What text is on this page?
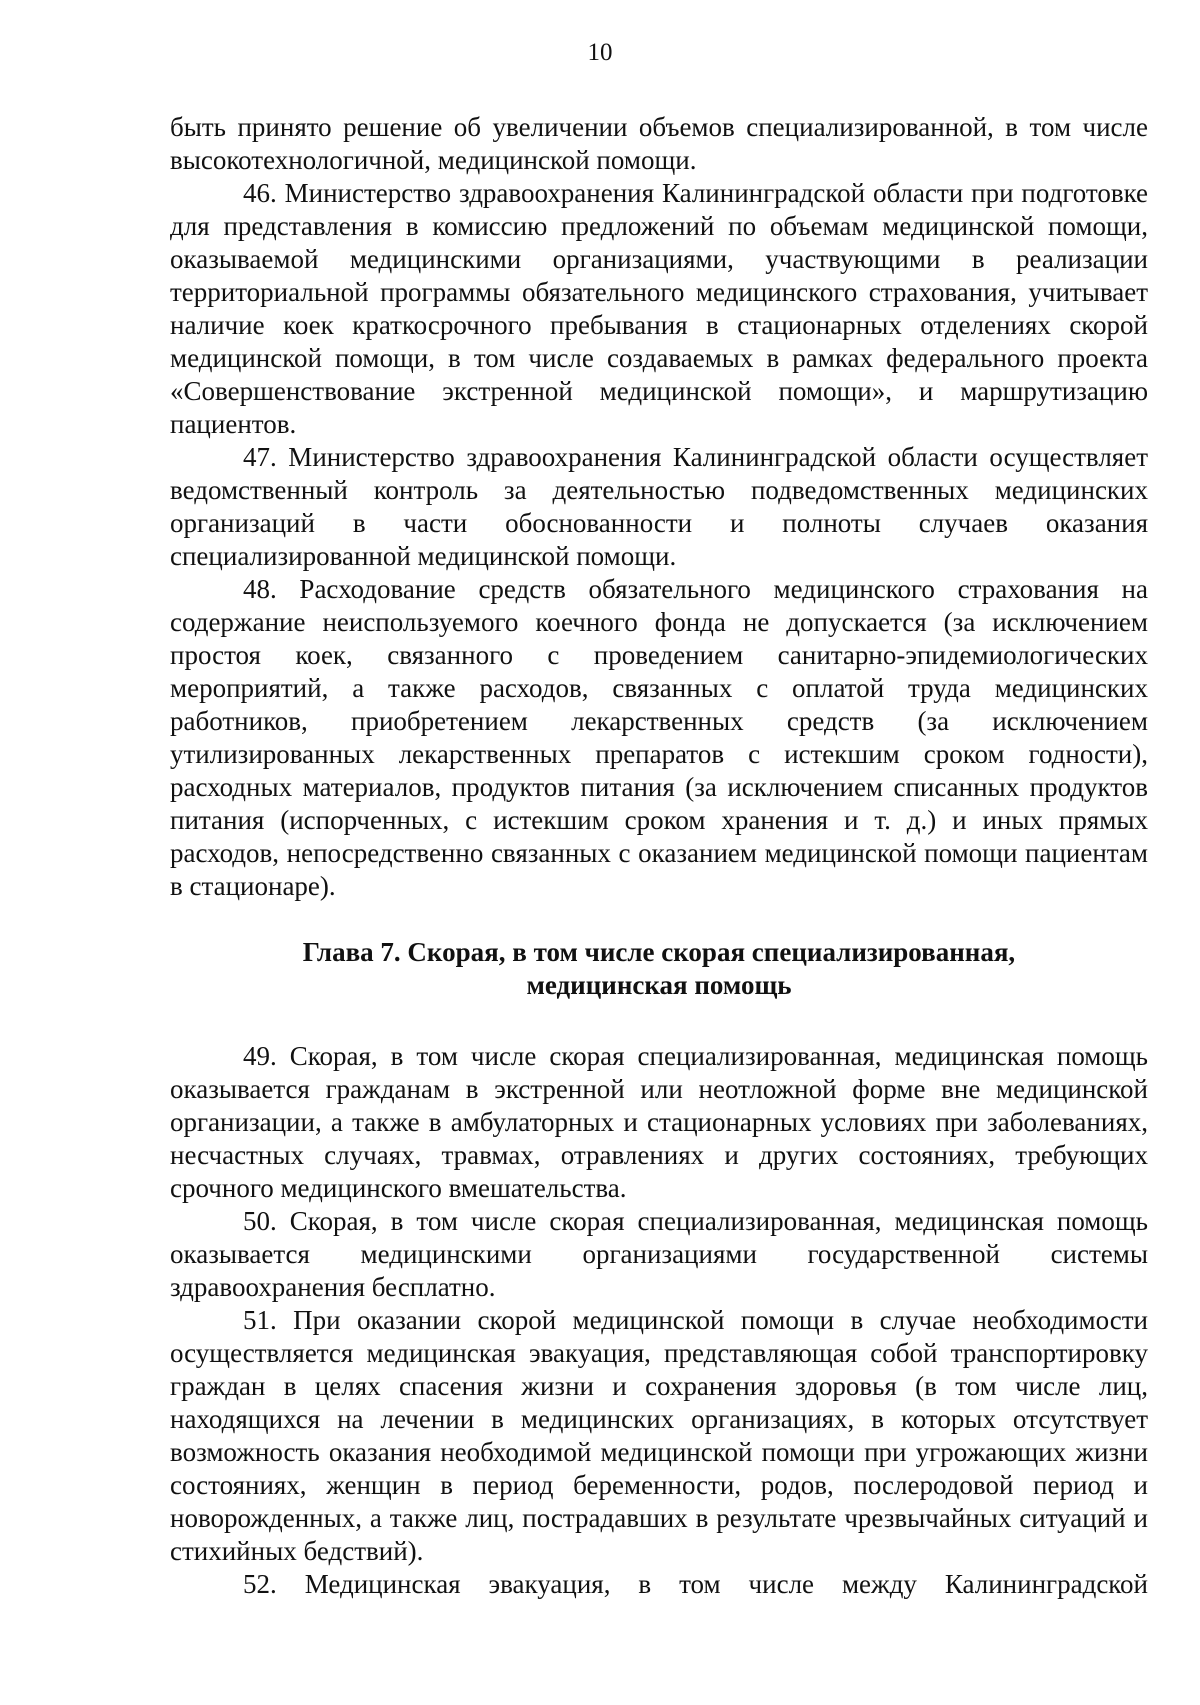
10

быть принято решение об увеличении объемов специализированной, в том числе высокотехнологичной, медицинской помощи.

46. Министерство здравоохранения Калининградской области при подготовке для представления в комиссию предложений по объемам медицинской помощи, оказываемой медицинскими организациями, участвующими в реализации территориальной программы обязательного медицинского страхования, учитывает наличие коек краткосрочного пребывания в стационарных отделениях скорой медицинской помощи, в том числе создаваемых в рамках федерального проекта «Совершенствование экстренной медицинской помощи», и маршрутизацию пациентов.

47. Министерство здравоохранения Калининградской области осуществляет ведомственный контроль за деятельностью подведомственных медицинских организаций в части обоснованности и полноты случаев оказания специализированной медицинской помощи.

48. Расходование средств обязательного медицинского страхования на содержание неиспользуемого коечного фонда не допускается (за исключением простоя коек, связанного с проведением санитарно-эпидемиологических мероприятий, а также расходов, связанных с оплатой труда медицинских работников, приобретением лекарственных средств (за исключением утилизированных лекарственных препаратов с истекшим сроком годности), расходных материалов, продуктов питания (за исключением списанных продуктов питания (испорченных, с истекшим сроком хранения и т. д.) и иных прямых расходов, непосредственно связанных с оказанием медицинской помощи пациентам в стационаре).

Глава 7. Скорая, в том числе скорая специализированная,
медицинская помощь

49. Скорая, в том числе скорая специализированная, медицинская помощь оказывается гражданам в экстренной или неотложной форме вне медицинской организации, а также в амбулаторных и стационарных условиях при заболеваниях, несчастных случаях, травмах, отравлениях и других состояниях, требующих срочного медицинского вмешательства.

50. Скорая, в том числе скорая специализированная, медицинская помощь оказывается медицинскими организациями государственной системы здравоохранения бесплатно.

51. При оказании скорой медицинской помощи в случае необходимости осуществляется медицинская эвакуация, представляющая собой транспортировку граждан в целях спасения жизни и сохранения здоровья (в том числе лиц, находящихся на лечении в медицинских организациях, в которых отсутствует возможность оказания необходимой медицинской помощи при угрожающих жизни состояниях, женщин в период беременности, родов, послеродовой период и новорожденных, а также лиц, пострадавших в результате чрезвычайных ситуаций и стихийных бедствий).

52. Медицинская эвакуация, в том числе между Калининградской
